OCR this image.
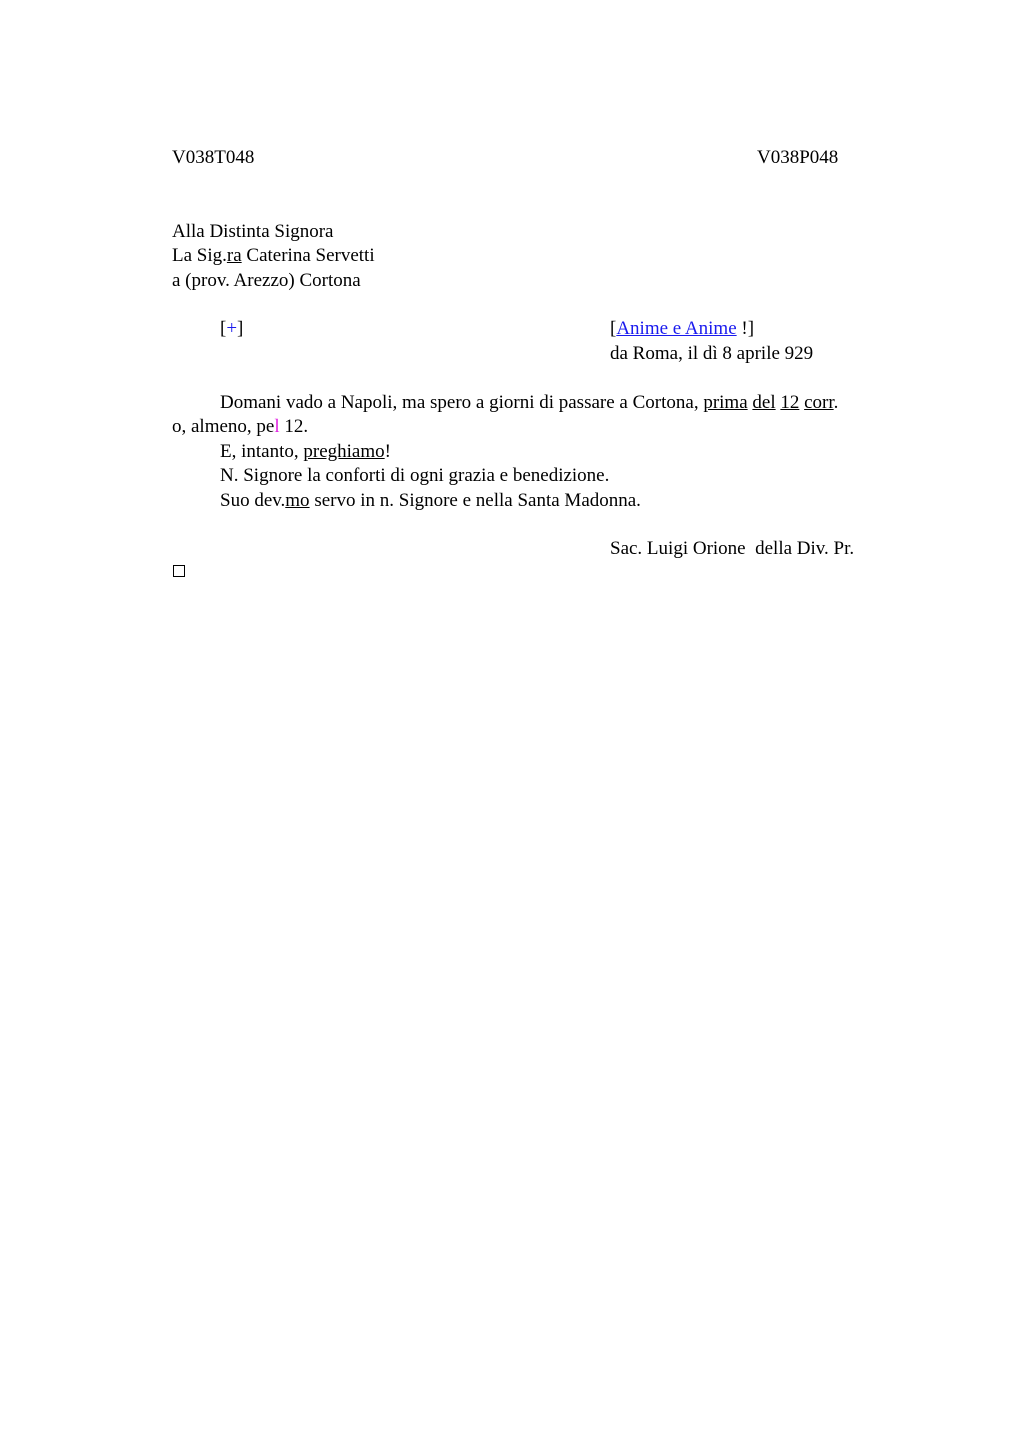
V038T048	V038P048
Alla Distinta Signora
La Sig.ra Caterina Servetti
a (prov. Arezzo) Cortona
[+]	[Anime e Anime !]
da Roma, il dì 8 aprile 929
Domani vado a Napoli, ma spero a giorni di passare a Cortona, prima del 12 corr.
o, almeno, pel 12.
E, intanto, preghiamo!
N. Signore la conforti di ogni grazia e benedizione.
Suo dev.mo servo in n. Signore e nella Santa Madonna.
Sac. Luigi Orione  della Div. Pr.
